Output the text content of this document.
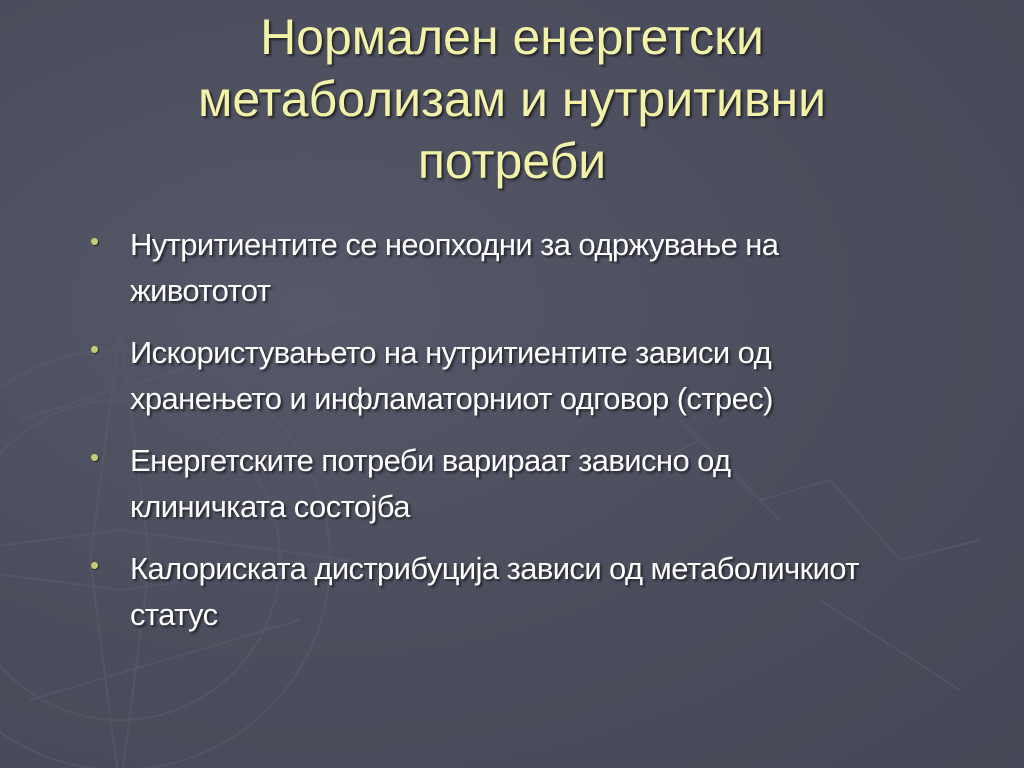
Нормален енергетски
метаболизам и нутритивни
потреби
• Нутритиентите се неопходни за одржување на
живототот
• Искористувањето на нутритиентите зависи од
хранењето и инфламаторниот одговор (стрес)
• Енергетските потреби варираат зависно од
клиничката состојба
• Калориската дистрибуција зависи од метаболичкиот
статус
